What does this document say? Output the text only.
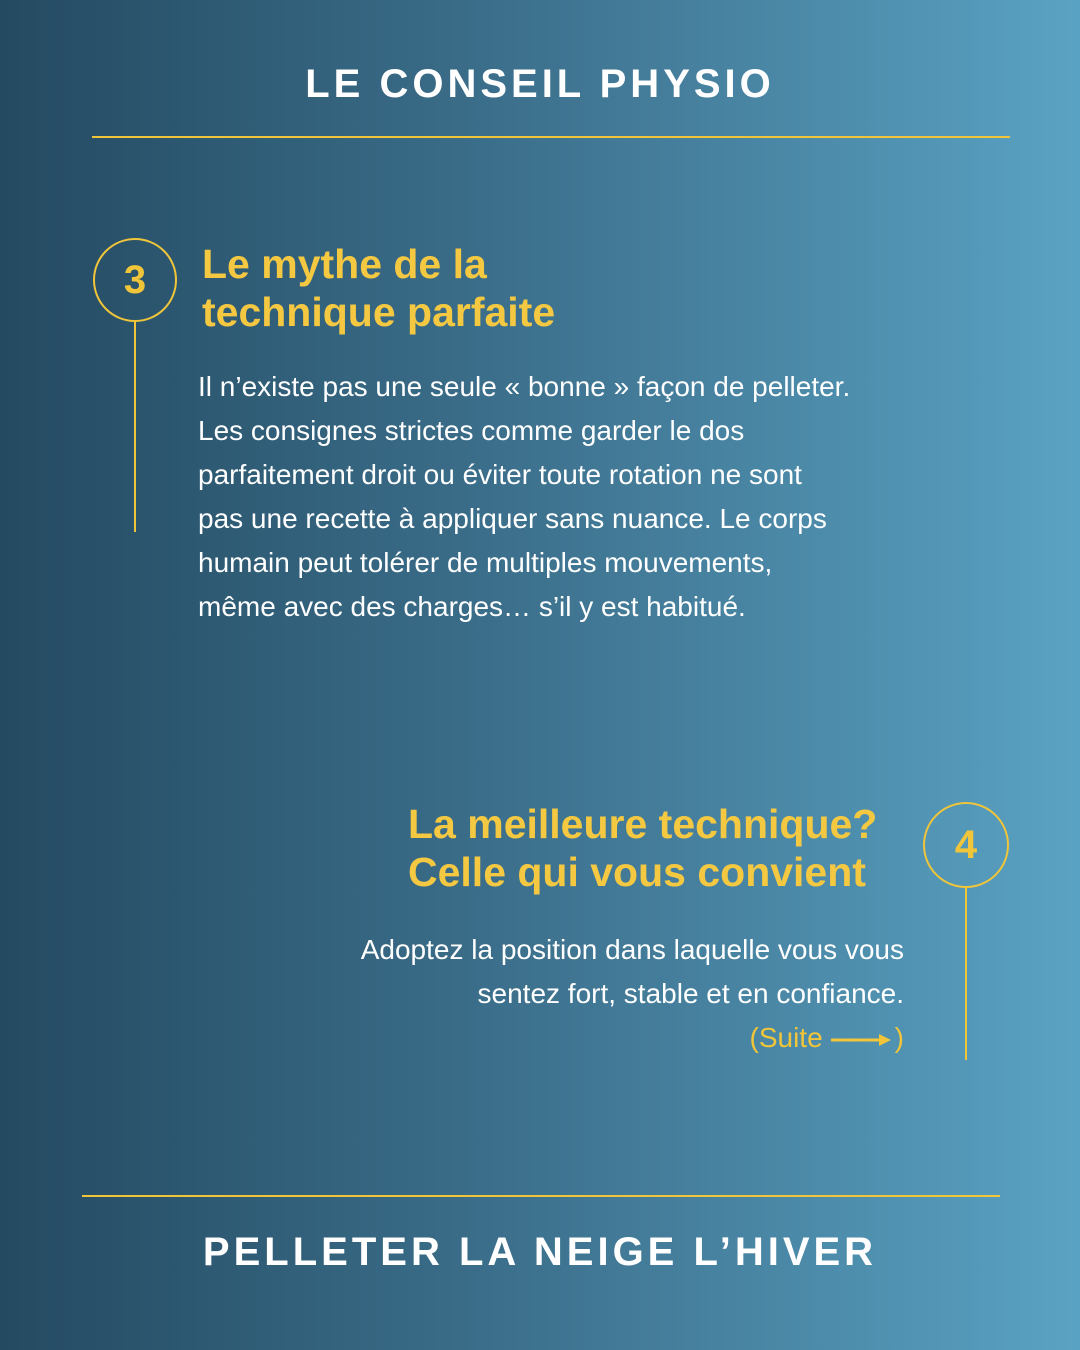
LE CONSEIL PHYSIO
3	Le mythe de la
technique parfaite
Il n’existe pas une seule « bonne » façon de pelleter.
Les consignes strictes comme garder le dos
parfaitement droit ou éviter toute rotation ne sont
pas une recette à appliquer sans nuance. Le corps
humain peut tolérer de multiples mouvements,
même avec des charges… s’il y est habitué.
4
La meilleure technique?
Celle qui vous convient
Adoptez la position dans laquelle vous vous
sentez fort, stable et en confiance.
(Suite	)
PELLETER LA NEIGE L’HIVER
